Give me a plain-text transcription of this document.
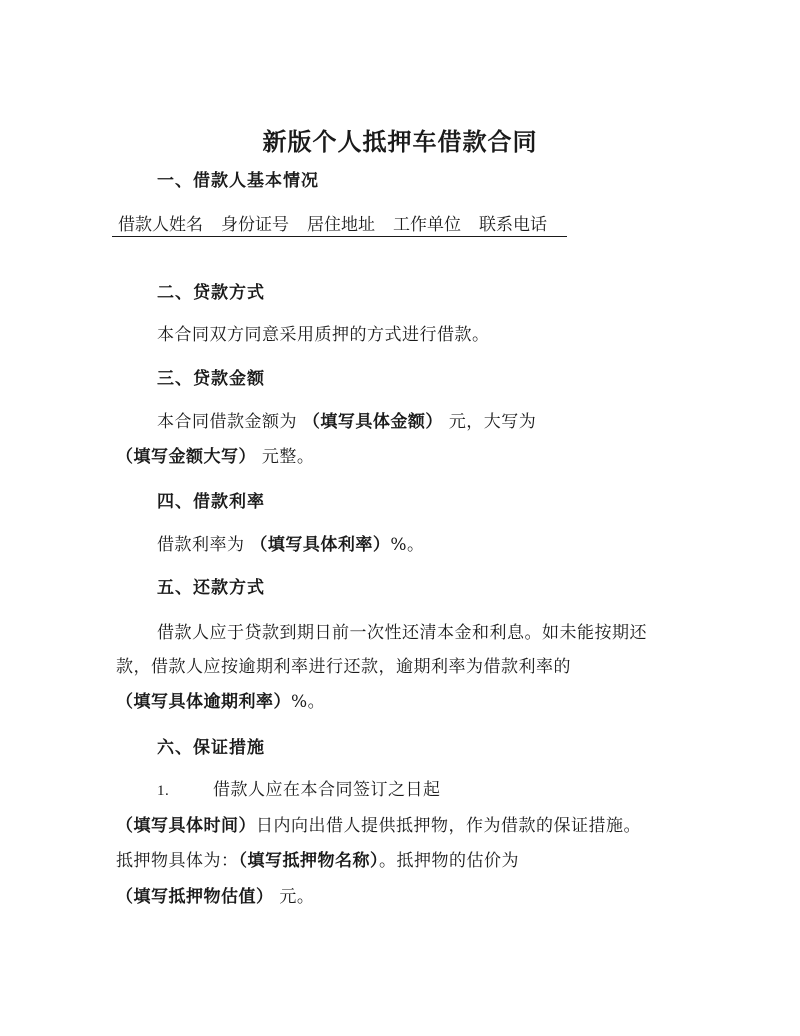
新版个人抵押车借款合同
一、借款人基本情况
借款人姓名 身份证号 居住地址 工作单位 联系电话
二、贷款方式
本合同双方同意采用质押的方式进行借款。
三、贷款金额
本合同借款金额为 （填写具体金额） 元，大写为
（填写金额大写） 元整。
四、借款利率
借款利率为 （填写具体利率）%。
五、还款方式
借款人应于贷款到期日前一次性还清本金和利息。如未能按期还
款，借款人应按逾期利率进行还款，逾期利率为借款利率的
（填写具体逾期利率）%。
六、保证措施
1.	借款人应在本合同签订之日起
（填写具体时间）日内向出借人提供抵押物，作为借款的保证措施。
抵押物具体为：（填写抵押物名称）。抵押物的估价为
（填写抵押物估值） 元。
